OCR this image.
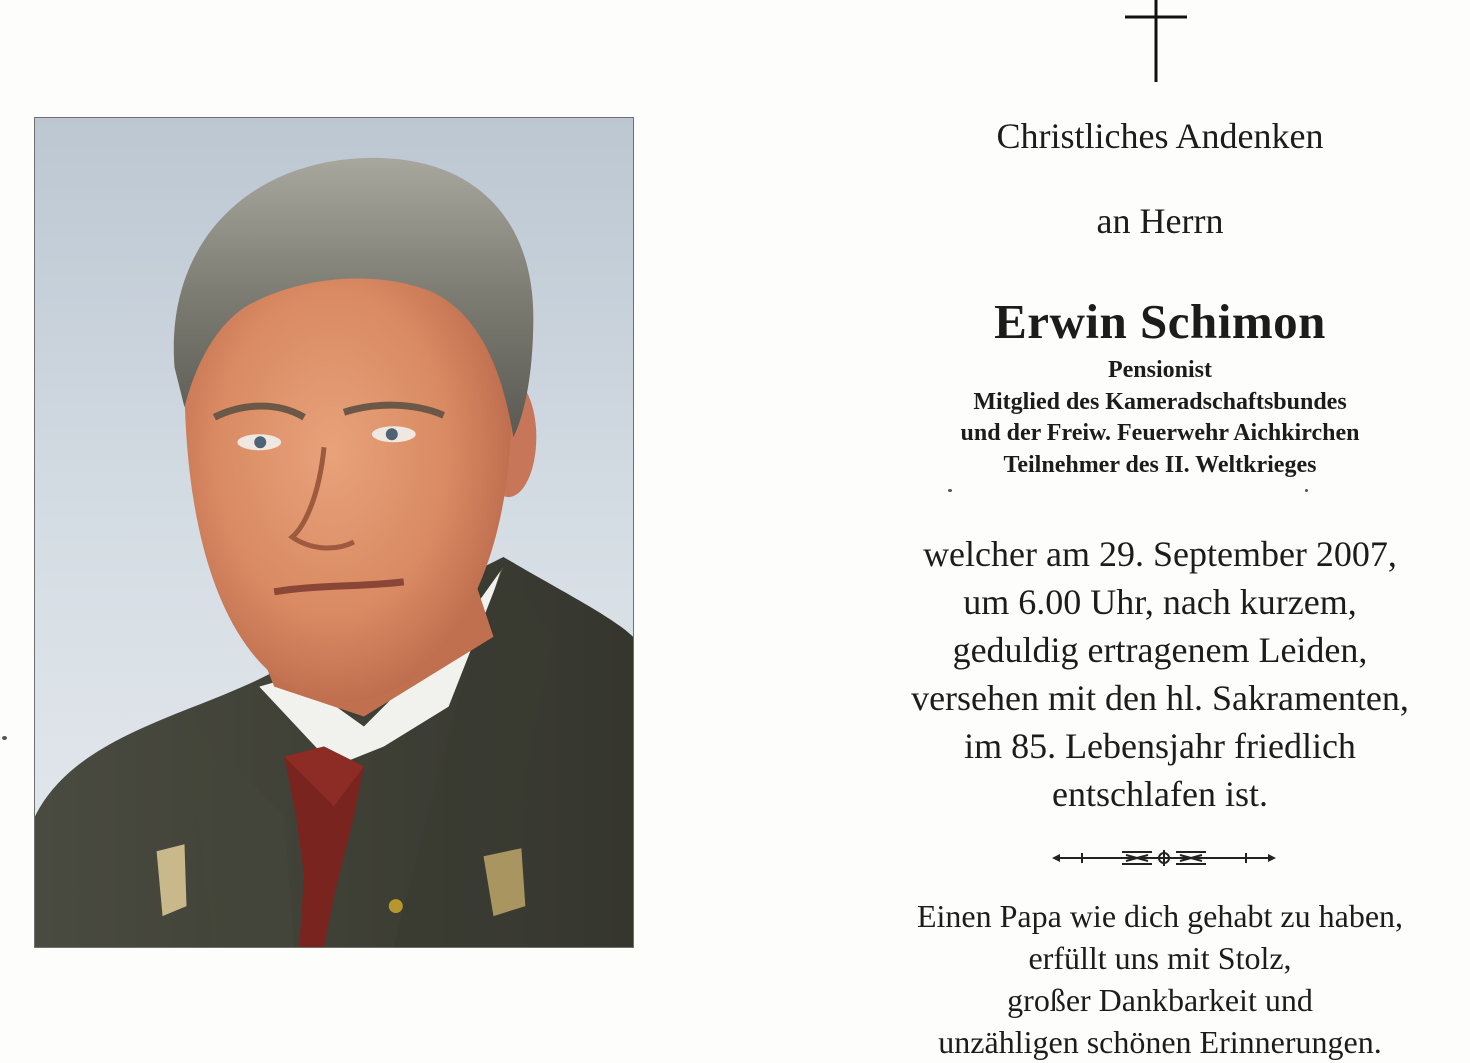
Christliches Andenken
an Herrn
Erwin Schimon
Pensionist
Mitglied des Kameradschaftsbundes
und der Freiw. Feuerwehr Aichkirchen
Teilnehmer des II. Weltkrieges
welcher am 29. September 2007,
um 6.00 Uhr, nach kurzem,
geduldig ertragenem Leiden,
versehen mit den hl. Sakramenten,
im 85. Lebensjahr friedlich
entschlafen ist.
Einen Papa wie dich gehabt zu haben,
erfüllt uns mit Stolz,
großer Dankbarkeit und
unzähligen schönen Erinnerungen.
